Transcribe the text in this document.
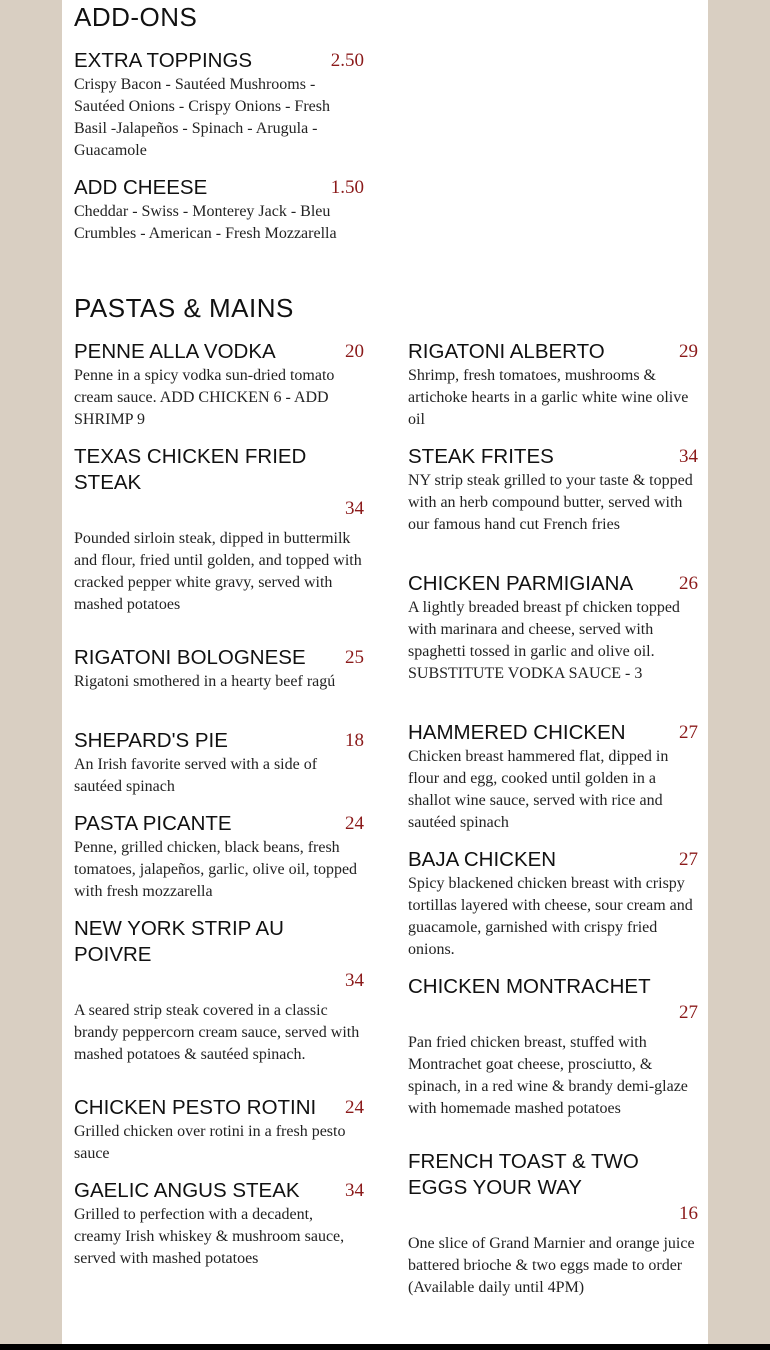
ADD-ONS
EXTRA TOPPINGS	2.50

Crispy Bacon - Sautéed Mushrooms - Sautéed Onions - Crispy Onions - Fresh Basil -Jalapeños - Spinach - Arugula - Guacamole

ADD CHEESE	1.50

Cheddar - Swiss - Monterey Jack - Bleu Crumbles - American - Fresh Mozzarella

PASTAS & MAINS
PENNE ALLA VODKA	20

Penne in a spicy vodka sun-dried tomato cream sauce. ADD CHICKEN 6 - ADD SHRIMP 9

TEXAS CHICKEN FRIED STEAK
34

Pounded sirloin steak, dipped in buttermilk and flour, fried until golden, and topped with cracked pepper white gravy, served with mashed potatoes

RIGATONI BOLOGNESE	25

Rigatoni smothered in a hearty beef ragú

SHEPARD'S PIE	18

An Irish favorite served with a side of sautéed spinach

PASTA PICANTE	24

Penne, grilled chicken, black beans, fresh tomatoes, jalapeños, garlic, olive oil, topped with fresh mozzarella

NEW YORK STRIP AU POIVRE
34

A seared strip steak covered in a classic brandy peppercorn cream sauce, served with mashed potatoes & sautéed spinach.

CHICKEN PESTO ROTINI	24

Grilled chicken over rotini in a fresh pesto sauce

GAELIC ANGUS STEAK	34

Grilled to perfection with a decadent, creamy Irish whiskey & mushroom sauce, served with mashed potatoes

RIGATONI ALBERTO	29

Shrimp, fresh tomatoes, mushrooms & artichoke hearts in a garlic white wine olive oil

STEAK FRITES	34

NY strip steak grilled to your taste & topped with an herb compound butter, served with our famous hand cut French fries

CHICKEN PARMIGIANA	26

A lightly breaded breast pf chicken topped with marinara and cheese, served with spaghetti tossed in garlic and olive oil. SUBSTITUTE VODKA SAUCE - 3

HAMMERED CHICKEN	27

Chicken breast hammered flat, dipped in flour and egg, cooked until golden in a shallot wine sauce, served with rice and sautéed spinach

BAJA CHICKEN	27

Spicy blackened chicken breast with crispy tortillas layered with cheese, sour cream and guacamole, garnished with crispy fried onions.

CHICKEN MONTRACHET
27

Pan fried chicken breast, stuffed with Montrachet goat cheese, prosciutto, & spinach, in a red wine & brandy demi-glaze with homemade mashed potatoes

FRENCH TOAST & TWO EGGS YOUR WAY
16

One slice of Grand Marnier and orange juice battered brioche & two eggs made to order (Available daily until 4PM)
